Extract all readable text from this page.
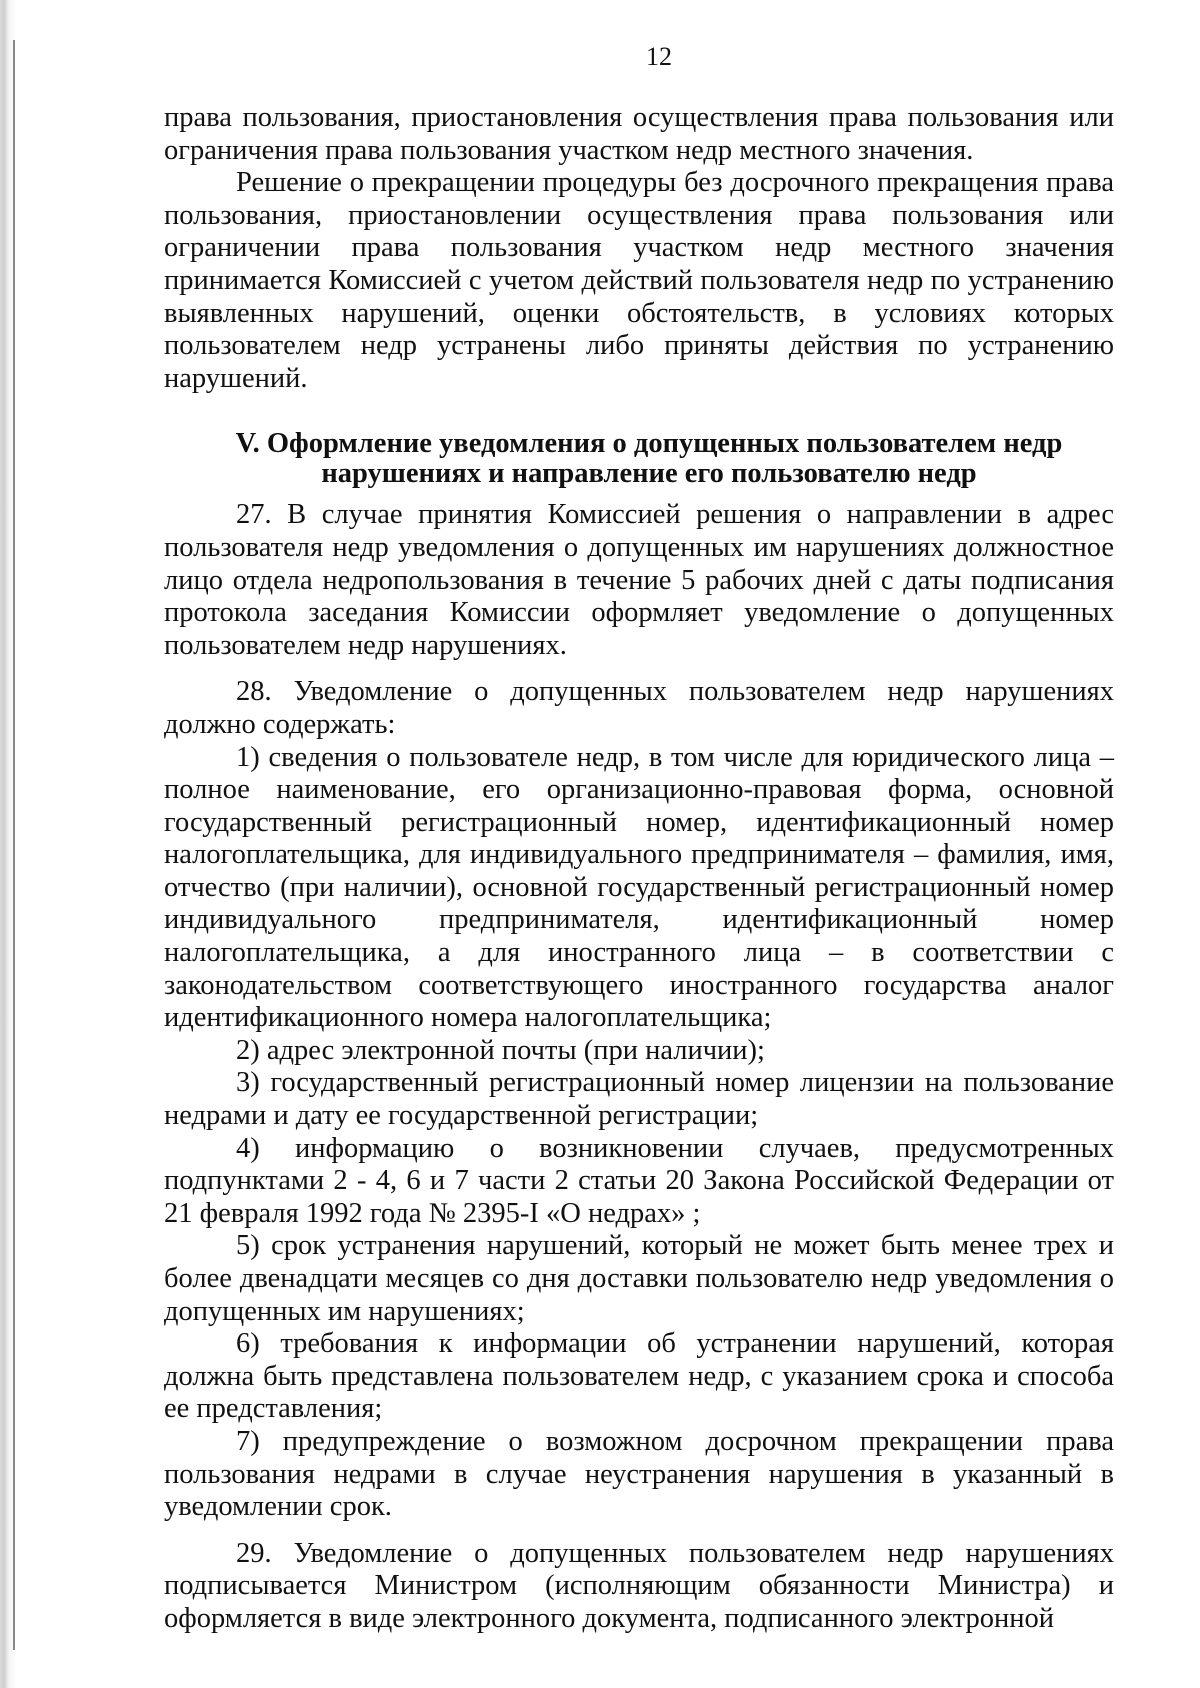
12

права пользования, приостановления осуществления права пользования или ограничения права пользования участком недр местного значения.

Решение о прекращении процедуры без досрочного прекращения права пользования, приостановлении осуществления права пользования или ограничении права пользования участком недр местного значения принимается Комиссией с учетом действий пользователя недр по устранению выявленных нарушений, оценки обстоятельств, в условиях которых пользователем недр устранены либо приняты действия по устранению нарушений.

V. Оформление уведомления о допущенных пользователем недр
нарушениях и направление его пользователю недр

27. В случае принятия Комиссией решения о направлении в адрес пользователя недр уведомления о допущенных им нарушениях должностное лицо отдела недропользования в течение 5 рабочих дней с даты подписания протокола заседания Комиссии оформляет уведомление о допущенных пользователем недр нарушениях.

28. Уведомление о допущенных пользователем недр нарушениях должно содержать:

1) сведения о пользователе недр, в том числе для юридического лица – полное наименование, его организационно-правовая форма, основной государственный регистрационный номер, идентификационный номер налогоплательщика, для индивидуального предпринимателя – фамилия, имя, отчество (при наличии), основной государственный регистрационный номер индивидуального предпринимателя, идентификационный номер налогоплательщика, а для иностранного лица – в соответствии с законодательством соответствующего иностранного государства аналог идентификационного номера налогоплательщика;

2) адрес электронной почты (при наличии);

3) государственный регистрационный номер лицензии на пользование недрами и дату ее государственной регистрации;

4) информацию о возникновении случаев, предусмотренных подпунктами 2 - 4, 6 и 7 части 2 статьи 20 Закона Российской Федерации от 21 февраля 1992 года № 2395-I «О недрах» ;

5) срок устранения нарушений, который не может быть менее трех и более двенадцати месяцев со дня доставки пользователю недр уведомления о допущенных им нарушениях;

6) требования к информации об устранении нарушений, которая должна быть представлена пользователем недр, с указанием срока и способа ее представления;

7) предупреждение о возможном досрочном прекращении права пользования недрами в случае неустранения нарушения в указанный в уведомлении срок.

29. Уведомление о допущенных пользователем недр нарушениях подписывается Министром (исполняющим обязанности Министра) и оформляется в виде электронного документа, подписанного электронной
